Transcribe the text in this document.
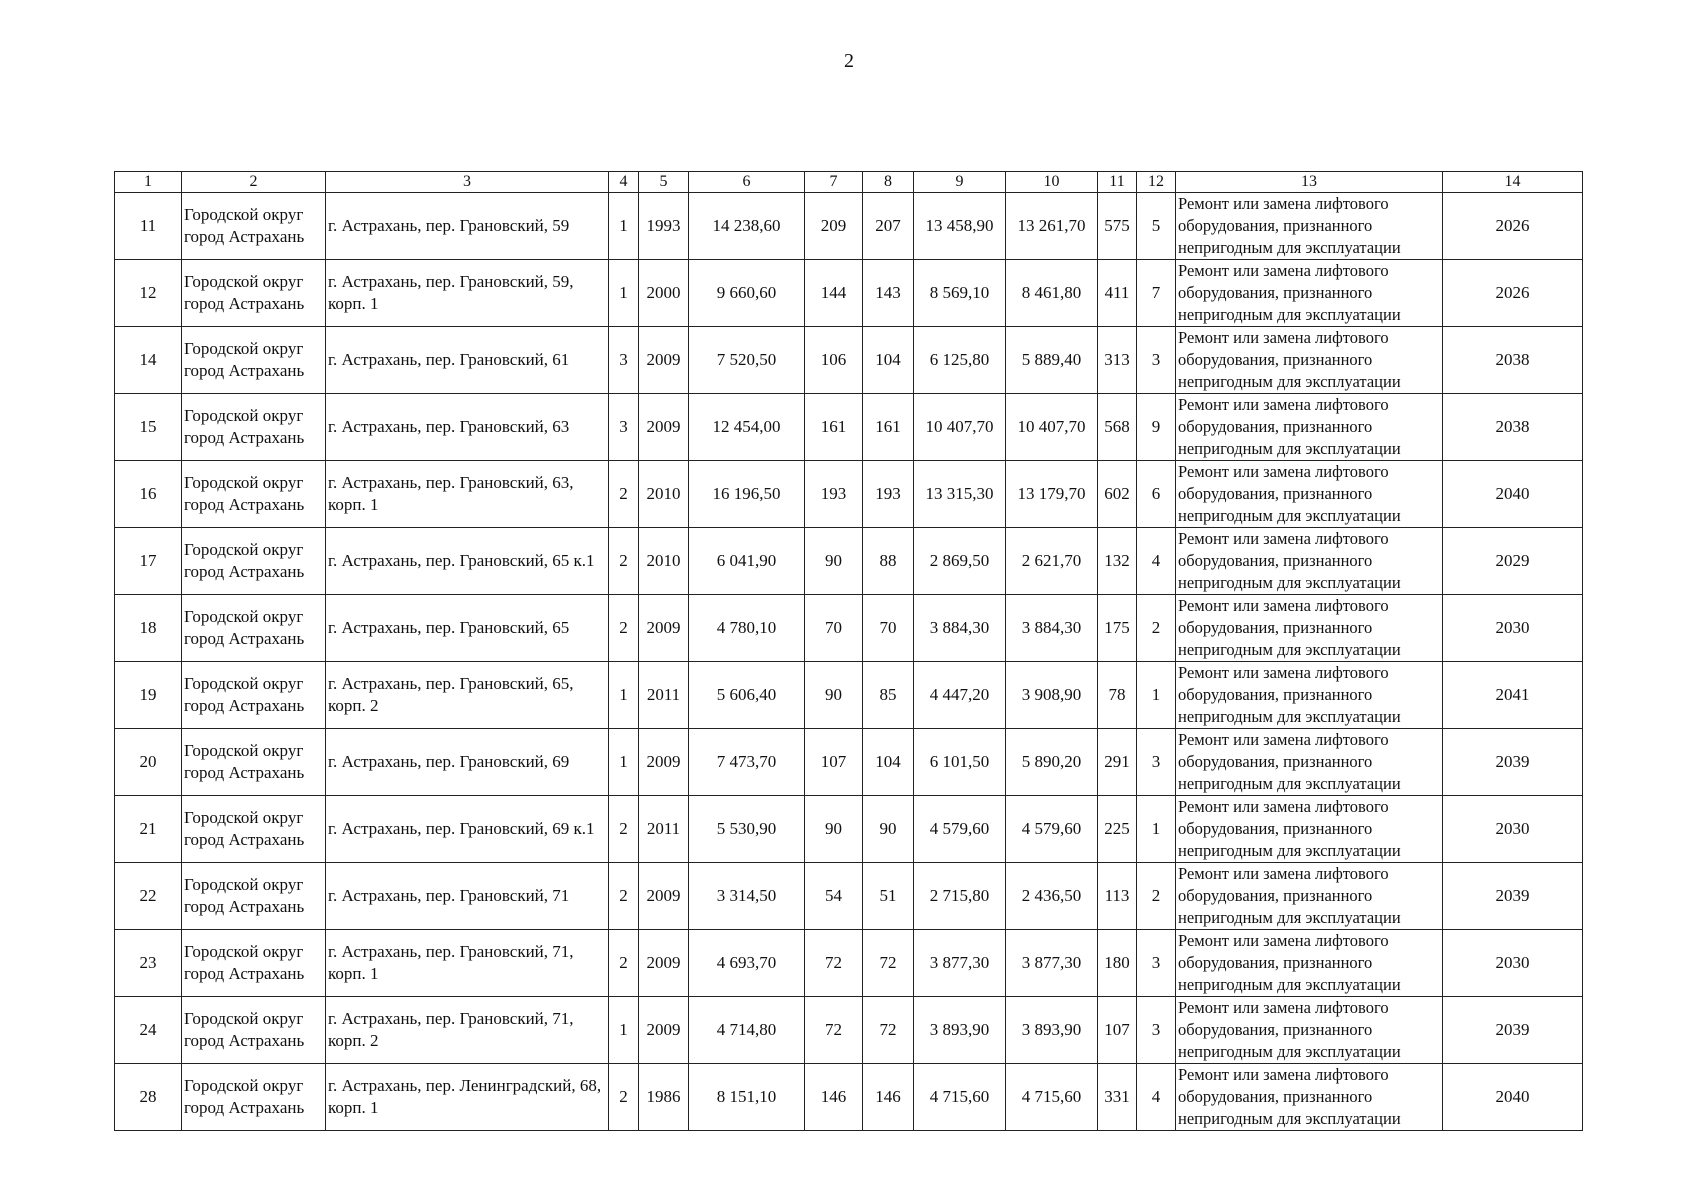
2
1	2	3	4	5	6	7	8	9	10	11	12	13	14
11	Городской округ город Астрахань	г. Астрахань, пер. Грановский, 59	1	1993	14 238,60	209	207	13 458,90	13 261,70	575	5	Ремонт или замена лифтового оборудования, признанного непригодным для эксплуатации	2026
12	Городской округ город Астрахань	г. Астрахань, пер. Грановский, 59, корп. 1	1	2000	9 660,60	144	143	8 569,10	8 461,80	411	7	Ремонт или замена лифтового оборудования, признанного непригодным для эксплуатации	2026
14	Городской округ город Астрахань	г. Астрахань, пер. Грановский, 61	3	2009	7 520,50	106	104	6 125,80	5 889,40	313	3	Ремонт или замена лифтового оборудования, признанного непригодным для эксплуатации	2038
15	Городской округ город Астрахань	г. Астрахань, пер. Грановский, 63	3	2009	12 454,00	161	161	10 407,70	10 407,70	568	9	Ремонт или замена лифтового оборудования, признанного непригодным для эксплуатации	2038
16	Городской округ город Астрахань	г. Астрахань, пер. Грановский, 63, корп. 1	2	2010	16 196,50	193	193	13 315,30	13 179,70	602	6	Ремонт или замена лифтового оборудования, признанного непригодным для эксплуатации	2040
17	Городской округ город Астрахань	г. Астрахань, пер. Грановский, 65 к.1	2	2010	6 041,90	90	88	2 869,50	2 621,70	132	4	Ремонт или замена лифтового оборудования, признанного непригодным для эксплуатации	2029
18	Городской округ город Астрахань	г. Астрахань, пер. Грановский, 65	2	2009	4 780,10	70	70	3 884,30	3 884,30	175	2	Ремонт или замена лифтового оборудования, признанного непригодным для эксплуатации	2030
19	Городской округ город Астрахань	г. Астрахань, пер. Грановский, 65, корп. 2	1	2011	5 606,40	90	85	4 447,20	3 908,90	78	1	Ремонт или замена лифтового оборудования, признанного непригодным для эксплуатации	2041
20	Городской округ город Астрахань	г. Астрахань, пер. Грановский, 69	1	2009	7 473,70	107	104	6 101,50	5 890,20	291	3	Ремонт или замена лифтового оборудования, признанного непригодным для эксплуатации	2039
21	Городской округ город Астрахань	г. Астрахань, пер. Грановский, 69 к.1	2	2011	5 530,90	90	90	4 579,60	4 579,60	225	1	Ремонт или замена лифтового оборудования, признанного непригодным для эксплуатации	2030
22	Городской округ город Астрахань	г. Астрахань, пер. Грановский, 71	2	2009	3 314,50	54	51	2 715,80	2 436,50	113	2	Ремонт или замена лифтового оборудования, признанного непригодным для эксплуатации	2039
23	Городской округ город Астрахань	г. Астрахань, пер. Грановский, 71, корп. 1	2	2009	4 693,70	72	72	3 877,30	3 877,30	180	3	Ремонт или замена лифтового оборудования, признанного непригодным для эксплуатации	2030
24	Городской округ город Астрахань	г. Астрахань, пер. Грановский, 71, корп. 2	1	2009	4 714,80	72	72	3 893,90	3 893,90	107	3	Ремонт или замена лифтового оборудования, признанного непригодным для эксплуатации	2039
28	Городской округ город Астрахань	г. Астрахань, пер. Ленинградский, 68, корп. 1	2	1986	8 151,10	146	146	4 715,60	4 715,60	331	4	Ремонт или замена лифтового оборудования, признанного непригодным для эксплуатации	2040
